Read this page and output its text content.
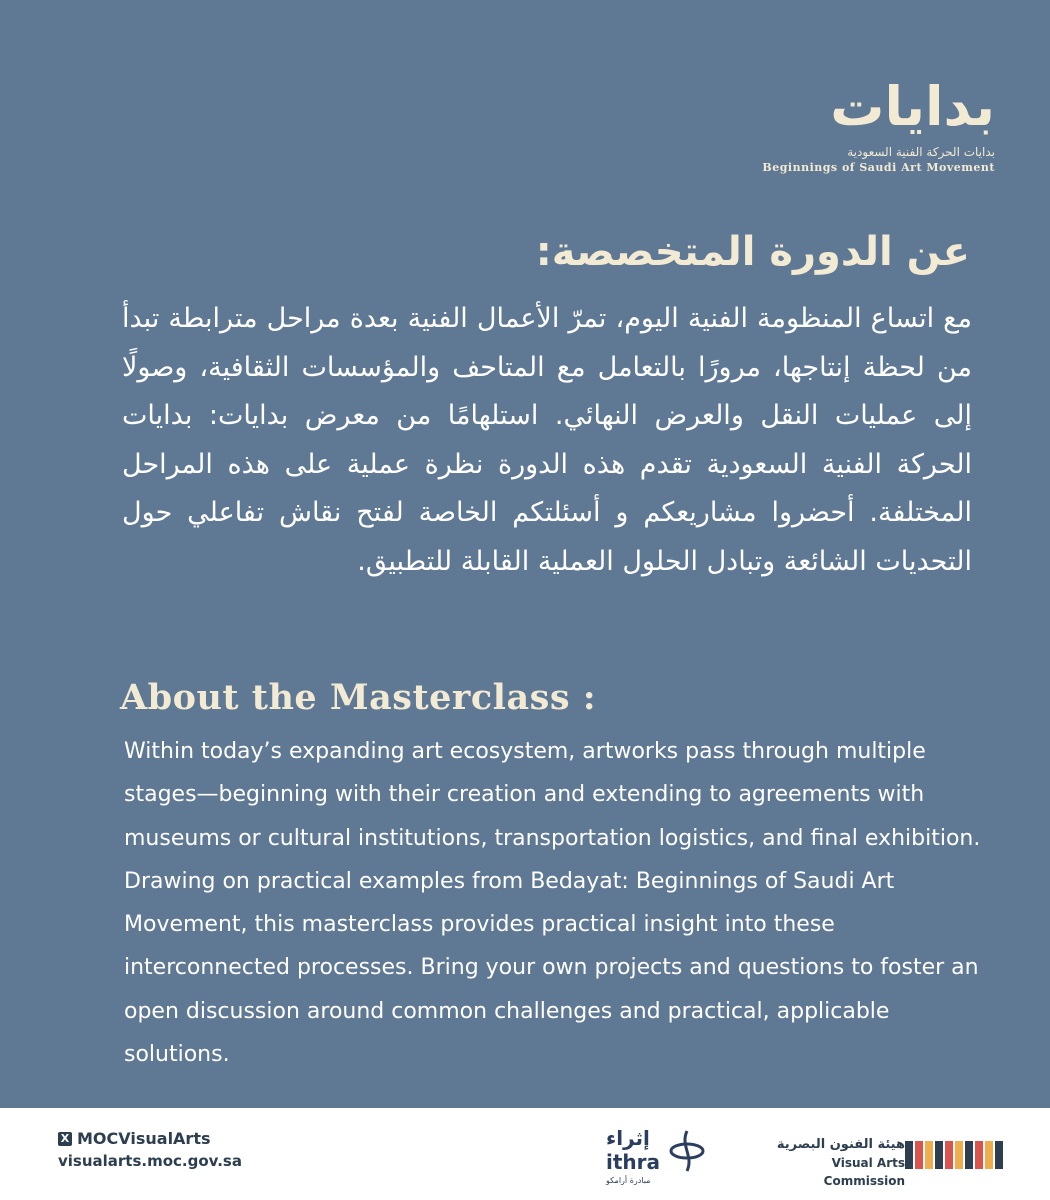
بدايات
بدايات الحركة الفنية السعودية
Beginnings of Saudi Art Movement
عن الدورة المتخصصة:
مع اتساع المنظومة الفنية اليوم، تمرّ الأعمال الفنية بعدة مراحل مترابطة تبدأ من لحظة إنتاجها، مرورًا بالتعامل مع المتاحف والمؤسسات الثقافية، وصولًا إلى عمليات النقل والعرض النهائي. استلهامًا من معرض بدايات: بدايات الحركة الفنية السعودية تقدم هذه الدورة نظرة عملية على هذه المراحل المختلفة. أحضروا مشاريعكم و أسئلتكم الخاصة لفتح نقاش تفاعلي حول التحديات الشائعة وتبادل الحلول العملية القابلة للتطبيق.
About the Masterclass :
Within today’s expanding art ecosystem, artworks pass through multiple stages—beginning with their creation and extending to agreements with museums or cultural institutions, transportation logistics, and final exhibition. Drawing on practical examples from Bedayat: Beginnings of Saudi Art Movement, this masterclass provides practical insight into these interconnected processes. Bring your own projects and questions to foster an open discussion around common challenges and practical, applicable solutions.
X MOCVisualArts
visualarts.moc.gov.sa
إثراء
ithra
مبادرة أرامكو
هيئة الفنون البصرية
Visual Arts Commission
